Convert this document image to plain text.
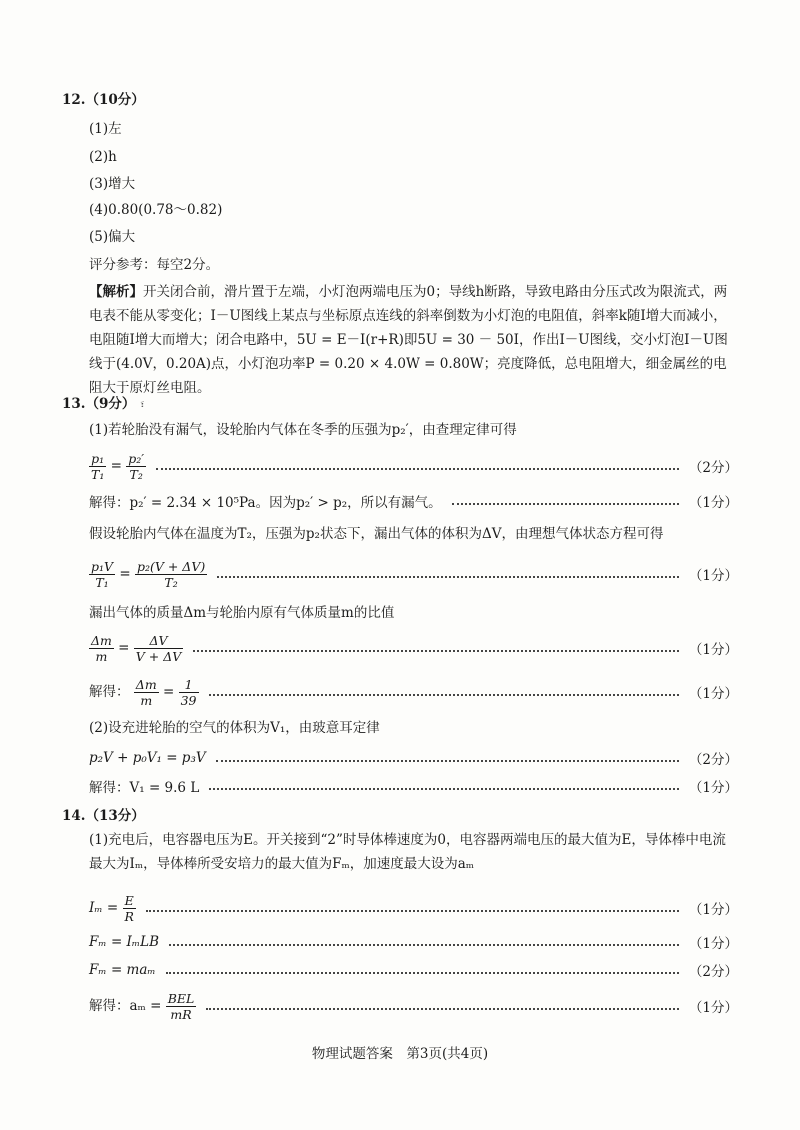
12.（10分）
(1)左
(2)h
(3)增大
(4)0.80(0.78～0.82)
(5)偏大
评分参考：每空2分。
【解析】开关闭合前，滑片置于左端，小灯泡两端电压为0；导线h断路，导致电路由分压式改为限流式，两电表不能从零变化；I－U图线上某点与坐标原点连线的斜率倒数为小灯泡的电阻值，斜率k随I增大而减小，电阻随I增大而增大；闭合电路中，5U = E－I(r+R)即5U = 30 － 50I，作出I－U图线，交小灯泡I－U图线于(4.0V，0.20A)点，小灯泡功率P = 0.20 × 4.0W = 0.80W；亮度降低，总电阻增大，细金属丝的电阻大于原灯丝电阻。
13.（9分） ፣
(1)若轮胎没有漏气，设轮胎内气体在冬季的压强为p₂′，由查理定律可得
$\frac{\text{p₁}}{\text{T₁}} = \frac{\text{p₂′}}{\text{T₂}}$	（2分）
解得：p₂′ = 2.34 × 10⁵Pa。因为p₂′ > p₂，所以有漏气。	（1分）
假设轮胎内气体在温度为T₂，压强为p₂状态下，漏出气体的体积为ΔV，由理想气体状态方程可得
$\frac{\text{p₁V}}{\text{T₁}} = \frac{\text{p₂(V + ΔV)}}{\text{T₂}}$	（1分）
漏出气体的质量Δm与轮胎内原有气体质量m的比值
$\frac{\Delta m}{m} = \frac{\Delta V}{V + \Delta V}$	（1分）
解得： $\frac{\Delta m}{m} = \frac{1}{39}$	（1分）
(2)设充进轮胎的空气的体积为V₁，由玻意耳定律
p₂V + p₀V₁ = p₃V	（2分）
解得：V₁ = 9.6 L	（1分）
14.（13分）
(1)充电后，电容器电压为E。开关接到“2”时导体棒速度为0，电容器两端电压的最大值为E，导体棒中电流最大为Iₘ，导体棒所受安培力的最大值为Fₘ，加速度最大设为aₘ
$I_m = \frac{E}{R}$	（1分）
Fₘ = IₘLB	（1分）
Fₘ = maₘ	（2分）
解得：$a_m = \frac{\text{BEL}}{mR}$	（1分）
物理试题答案　第3页(共4页)
